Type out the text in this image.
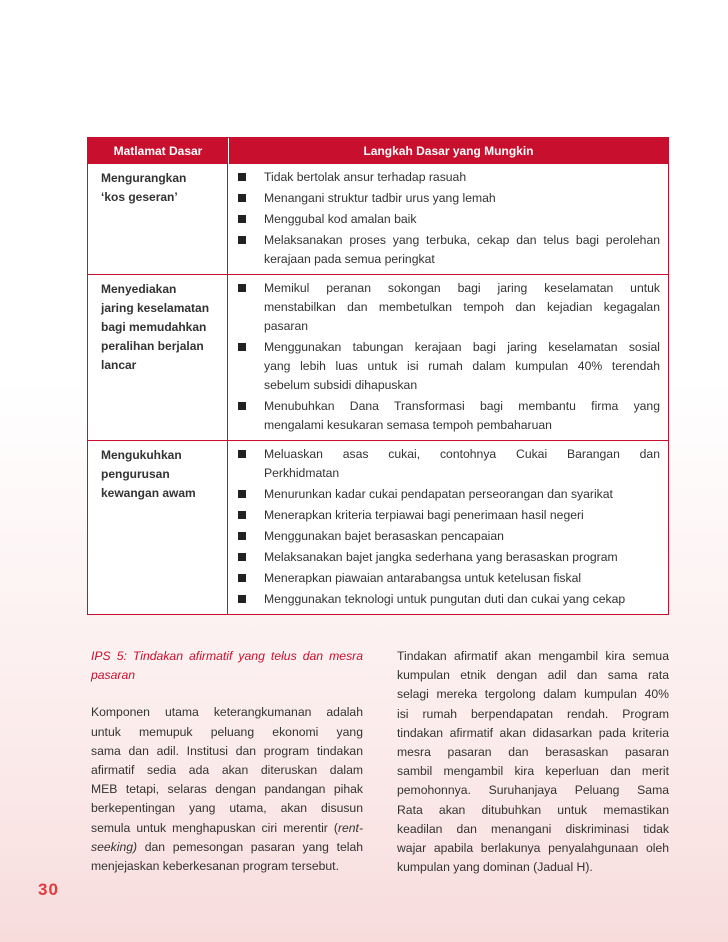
Matlamat Dasar	Langkah Dasar yang Mungkin
Mengurangkan
‘kos geseran’
Tidak bertolak ansur terhadap rasuah
Menangani struktur tadbir urus yang lemah
Menggubal kod amalan baik
Melaksanakan proses yang terbuka, cekap dan telus bagi perolehan
kerajaan pada semua peringkat
Menyediakan
jaring keselamatan
bagi memudahkan
peralihan berjalan
lancar
Memikul peranan sokongan bagi jaring keselamatan untuk
menstabilkan dan membetulkan tempoh dan kejadian kegagalan
pasaran
Menggunakan tabungan kerajaan bagi jaring keselamatan sosial
yang lebih luas untuk isi rumah dalam kumpulan 40% terendah
sebelum subsidi dihapuskan
Menubuhkan Dana Transformasi bagi membantu firma yang
mengalami kesukaran semasa tempoh pembaharuan
Mengukuhkan
pengurusan
kewangan awam
Meluaskan asas cukai, contohnya Cukai Barangan dan
Perkhidmatan
Menurunkan kadar cukai pendapatan perseorangan dan syarikat
Menerapkan kriteria terpiawai bagi penerimaan hasil negeri
Menggunakan bajet berasaskan pencapaian
Melaksanakan bajet jangka sederhana yang berasaskan program
Menerapkan piawaian antarabangsa untuk ketelusan fiskal
Menggunakan teknologi untuk pungutan duti dan cukai yang cekap
IPS 5: Tindakan afirmatif yang telus dan mesra
pasaran
Komponen utama keterangkumanan adalah
untuk memupuk peluang ekonomi yang
sama dan adil. Institusi dan program tindakan
afirmatif sedia ada akan diteruskan dalam
MEB tetapi, selaras dengan pandangan pihak
berkepentingan yang utama, akan disusun
semula untuk menghapuskan ciri merentir (rent-
seeking) dan pemesongan pasaran yang telah
menjejaskan keberkesanan program tersebut.
Tindakan afirmatif akan mengambil kira semua
kumpulan etnik dengan adil dan sama rata
selagi mereka tergolong dalam kumpulan 40%
isi rumah berpendapatan rendah. Program
tindakan afirmatif akan didasarkan pada kriteria
mesra pasaran dan berasaskan pasaran
sambil mengambil kira keperluan dan merit
pemohonnya. Suruhanjaya Peluang Sama
Rata akan ditubuhkan untuk memastikan
keadilan dan menangani diskriminasi tidak
wajar apabila berlakunya penyalahgunaan oleh
kumpulan yang dominan (Jadual H).
30
